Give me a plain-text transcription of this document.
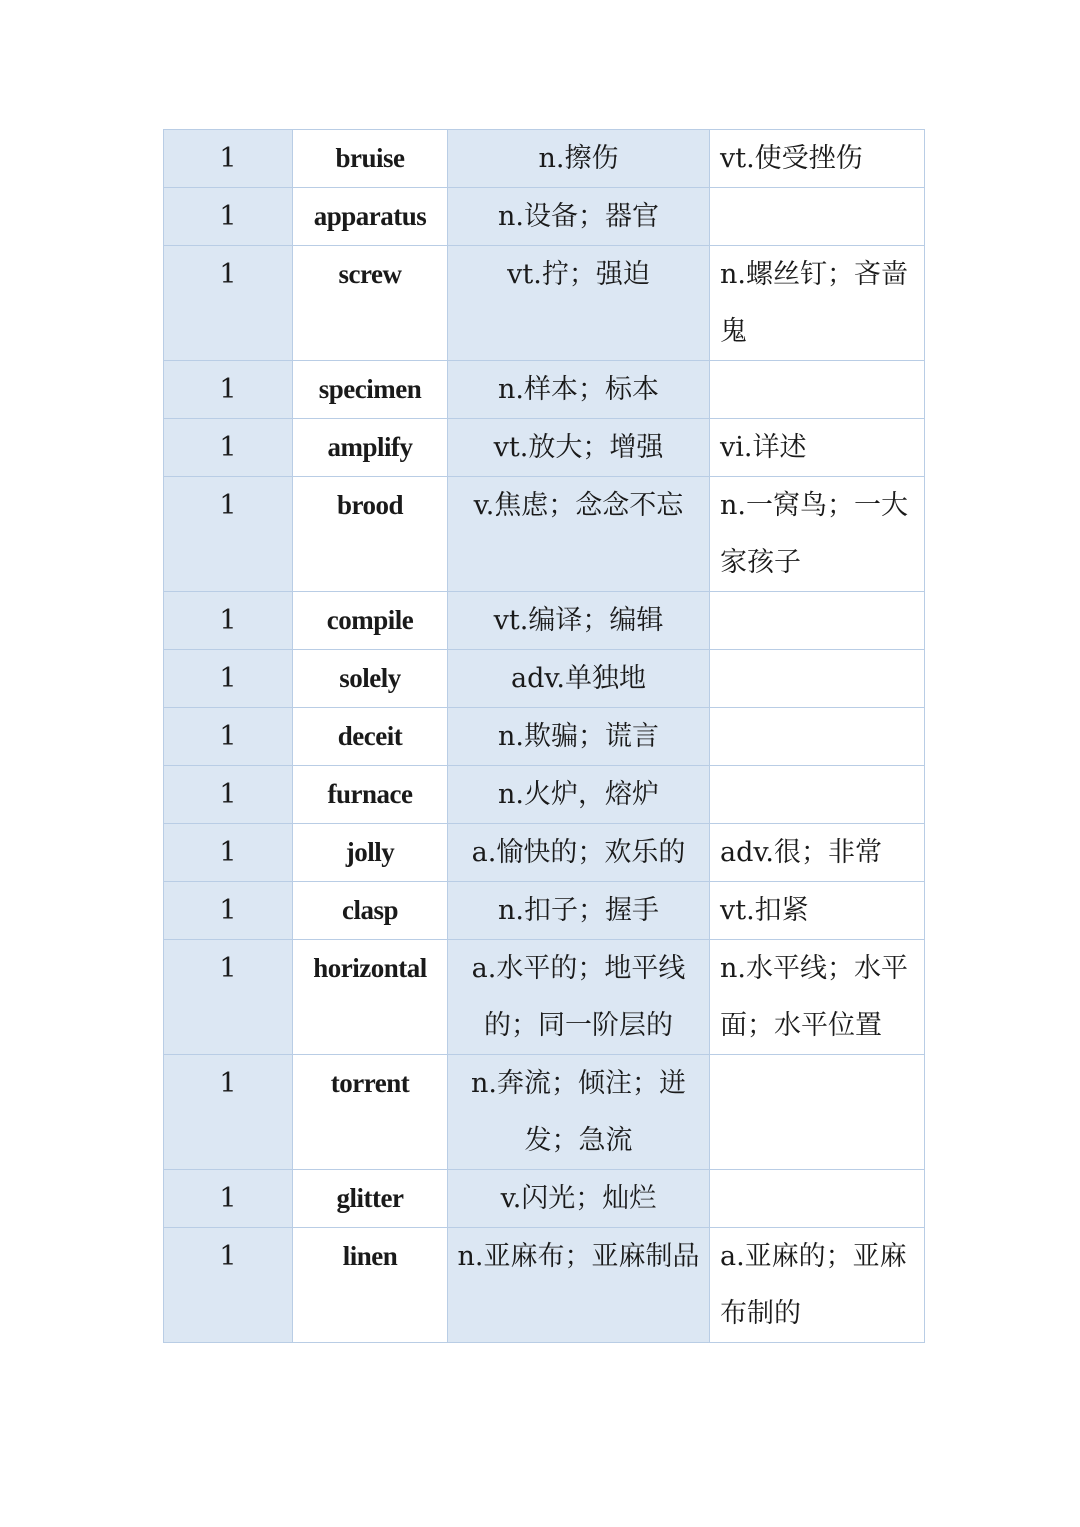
1	bruise	n.擦伤	vt.使受挫伤

1	apparatus	n.设备；器官	

1	screw	vt.拧；强迫	n.螺丝钉；吝啬鬼

1	specimen	n.样本；标本	

1	amplify	vt.放大；增强	vi.详述

1	brood	v.焦虑；念念不忘	n.一窝鸟；一大家孩子

1	compile	vt.编译；编辑	

1	solely	adv.单独地	

1	deceit	n.欺骗；谎言	

1	furnace	n.火炉，熔炉	

1	jolly	a.愉快的；欢乐的	adv.很；非常

1	clasp	n.扣子；握手	vt.扣紧

1	horizontal	a.水平的；地平线的；同一阶层的	n.水平线；水平面；水平位置

1	torrent	n.奔流；倾注；迸发；急流	

1	glitter	v.闪光；灿烂	

1	linen	n.亚麻布；亚麻制品	a.亚麻的；亚麻布制的
